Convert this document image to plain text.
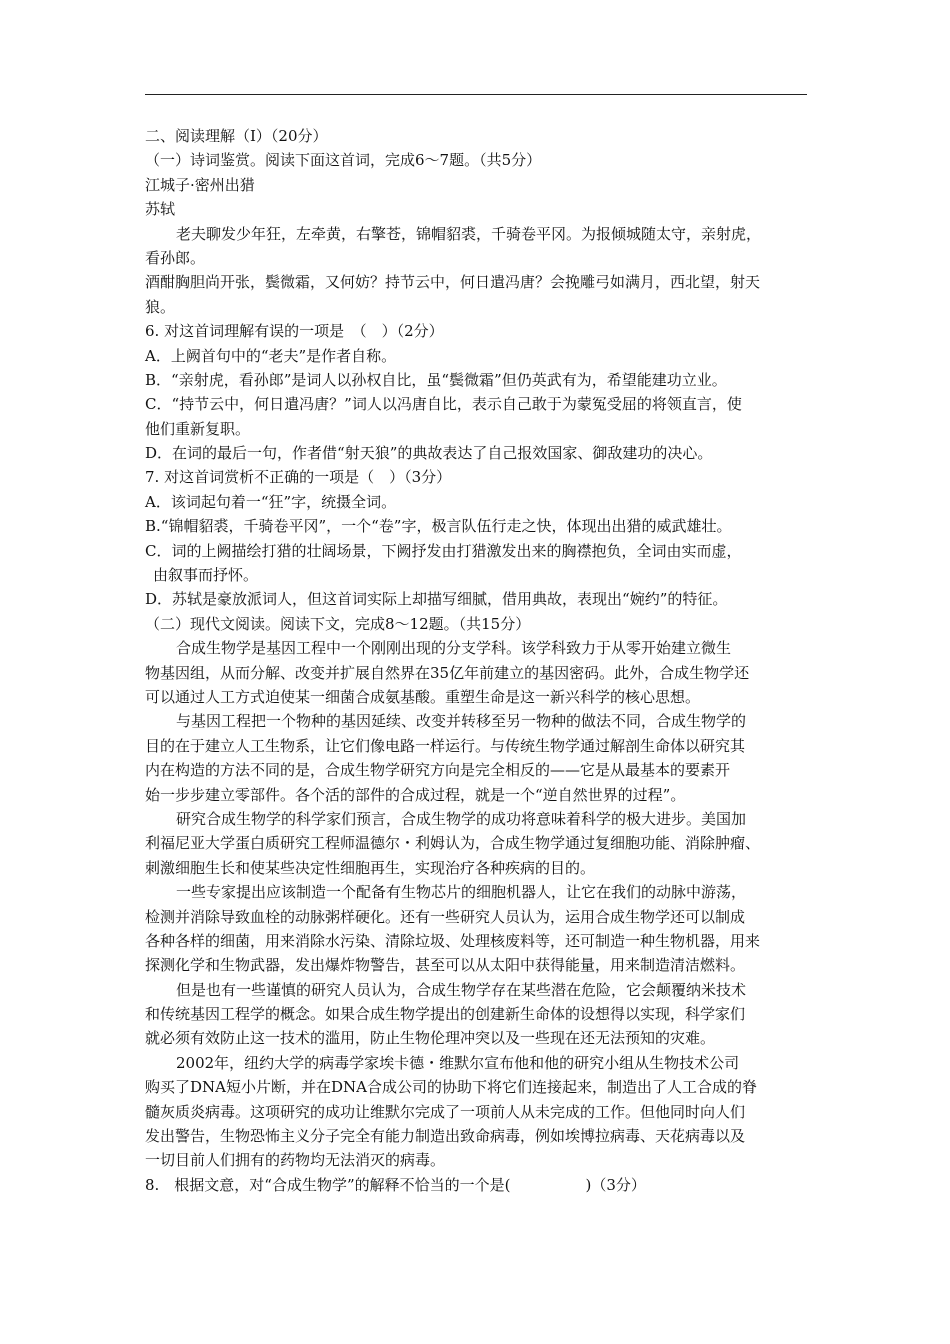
二、阅读理解（Ⅰ）（20分）
（一）诗词鉴赏。阅读下面这首词，完成6～7题。（共5分）
江城子·密州出猎
苏轼
老夫聊发少年狂，左牵黄，右擎苍，锦帽貂裘，千骑卷平冈。为报倾城随太守，亲射虎，
看孙郎。
酒酣胸胆尚开张，鬓微霜，又何妨？持节云中，何日遣冯唐？会挽雕弓如满月，西北望，射天
狼。
6. 对这首词理解有误的一项是　（　）（2分）
A．上阙首句中的“老夫”是作者自称。
B．“亲射虎，看孙郎”是词人以孙权自比，虽“鬓微霜”但仍英武有为，希望能建功立业。
C．“持节云中，何日遣冯唐？”词人以冯唐自比，表示自己敢于为蒙冤受屈的将领直言，使
他们重新复职。
D．在词的最后一句，作者借“射天狼”的典故表达了自己报效国家、御敌建功的决心。
7. 对这首词赏析不正确的一项是（　）（3分）
A．该词起句着一“狂”字，统摄全词。
B.“锦帽貂裘，千骑卷平冈”，一个“卷”字，极言队伍行走之快，体现出出猎的威武雄壮。
C．词的上阙描绘打猎的壮阔场景，下阙抒发由打猎激发出来的胸襟抱负，全词由实而虚，
由叙事而抒怀。
D．苏轼是豪放派词人，但这首词实际上却描写细腻，借用典故，表现出“婉约”的特征。
（二）现代文阅读。阅读下文，完成8～12题。（共15分）
合成生物学是基因工程中一个刚刚出现的分支学科。该学科致力于从零开始建立微生
物基因组，从而分解、改变并扩展自然界在35亿年前建立的基因密码。此外，合成生物学还
可以通过人工方式迫使某一细菌合成氨基酸。重塑生命是这一新兴科学的核心思想。
与基因工程把一个物种的基因延续、改变并转移至另一物种的做法不同，合成生物学的
目的在于建立人工生物系，让它们像电路一样运行。与传统生物学通过解剖生命体以研究其
内在构造的方法不同的是，合成生物学研究方向是完全相反的——它是从最基本的要素开
始一步步建立零部件。各个活的部件的合成过程，就是一个“逆自然世界的过程”。
研究合成生物学的科学家们预言，合成生物学的成功将意味着科学的极大进步。美国加
利福尼亚大学蛋白质研究工程师温德尔・利姆认为，合成生物学通过复细胞功能、消除肿瘤、
刺激细胞生长和使某些决定性细胞再生，实现治疗各种疾病的目的。
一些专家提出应该制造一个配备有生物芯片的细胞机器人，让它在我们的动脉中游荡，
检测并消除导致血栓的动脉粥样硬化。还有一些研究人员认为，运用合成生物学还可以制成
各种各样的细菌，用来消除水污染、清除垃圾、处理核废料等，还可制造一种生物机器，用来
探测化学和生物武器，发出爆炸物警告，甚至可以从太阳中获得能量，用来制造清洁燃料。
但是也有一些谨慎的研究人员认为，合成生物学存在某些潜在危险，它会颠覆纳米技术
和传统基因工程学的概念。如果合成生物学提出的创建新生命体的设想得以实现，科学家们
就必须有效防止这一技术的滥用，防止生物伦理冲突以及一些现在还无法预知的灾难。
2002年，纽约大学的病毒学家埃卡德・维默尔宣布他和他的研究小组从生物技术公司
购买了DNA短小片断，并在DNA合成公司的协助下将它们连接起来，制造出了人工合成的脊
髓灰质炎病毒。这项研究的成功让维默尔完成了一项前人从未完成的工作。但他同时向人们
发出警告，生物恐怖主义分子完全有能力制造出致命病毒，例如埃博拉病毒、天花病毒以及
一切目前人们拥有的药物均无法消灭的病毒。
8.　根据文意，对“合成生物学”的解释不恰当的一个是(　　　　　)（3分）
